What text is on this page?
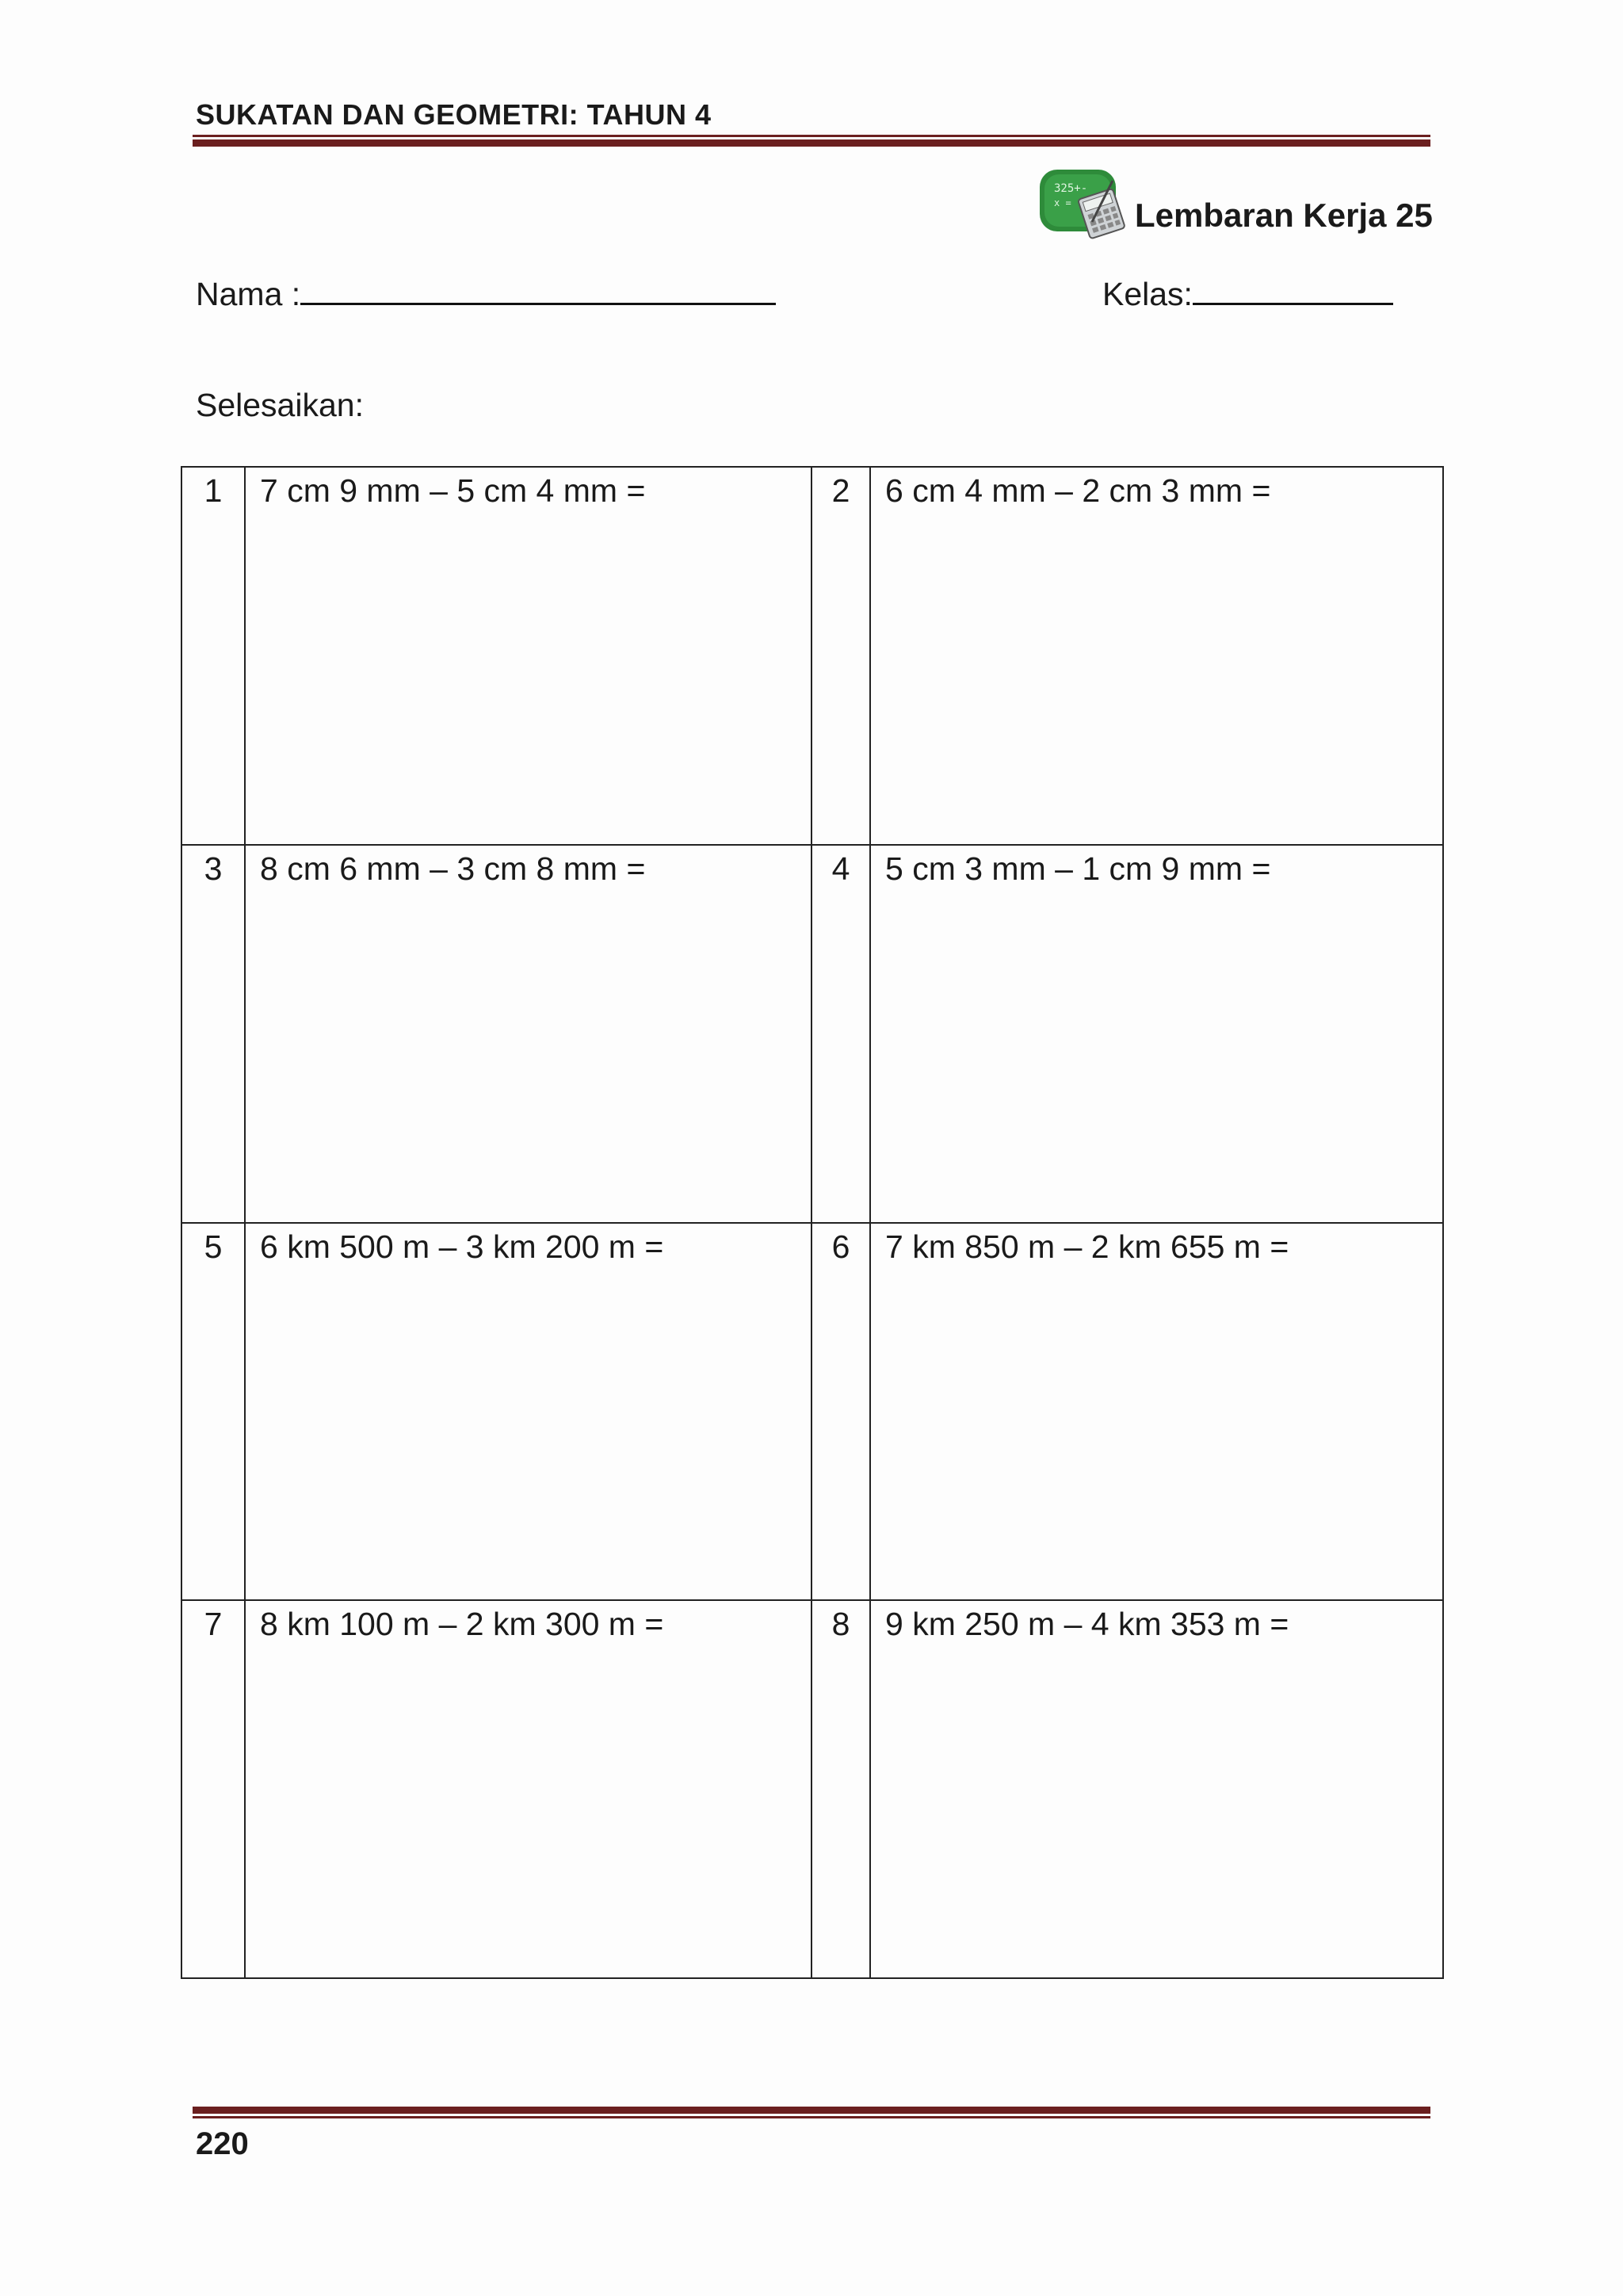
SUKATAN DAN GEOMETRI: TAHUN 4
325+-
x = Lembaran Kerja 25
Nama :	Kelas:
Selesaikan:
1	7 cm 9 mm – 5 cm 4 mm =	2	6 cm 4 mm – 2 cm 3 mm =
3	8 cm 6 mm – 3 cm 8 mm =	4	5 cm 3 mm – 1 cm 9 mm =
5	6 km 500 m – 3 km 200 m =	6	7 km 850 m – 2 km 655 m =
7	8 km 100 m – 2 km 300 m =	8	9 km 250 m – 4 km 353 m =
220
